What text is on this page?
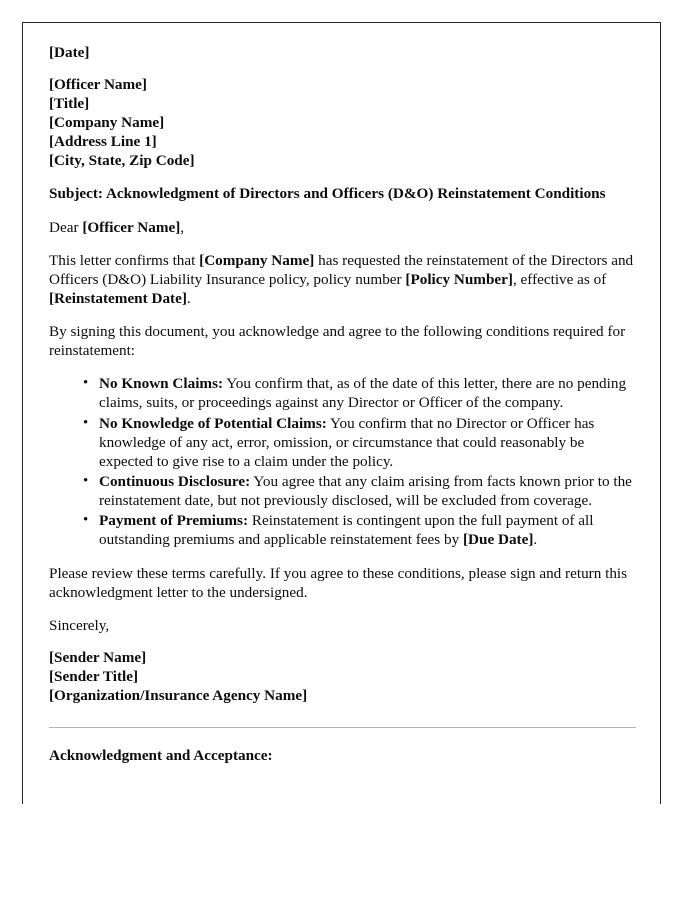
[Date]

[Officer Name]
[Title]
[Company Name]
[Address Line 1]
[City, State, Zip Code]

Subject: Acknowledgment of Directors and Officers (D&O) Reinstatement Conditions

Dear [Officer Name],

This letter confirms that [Company Name] has requested the reinstatement of the Directors and Officers (D&O) Liability Insurance policy, policy number [Policy Number], effective as of [Reinstatement Date].

By signing this document, you acknowledge and agree to the following conditions required for reinstatement:

• No Known Claims: You confirm that, as of the date of this letter, there are no pending claims, suits, or proceedings against any Director or Officer of the company.
• No Knowledge of Potential Claims: You confirm that no Director or Officer has knowledge of any act, error, omission, or circumstance that could reasonably be expected to give rise to a claim under the policy.
• Continuous Disclosure: You agree that any claim arising from facts known prior to the reinstatement date, but not previously disclosed, will be excluded from coverage.
• Payment of Premiums: Reinstatement is contingent upon the full payment of all outstanding premiums and applicable reinstatement fees by [Due Date].

Please review these terms carefully. If you agree to these conditions, please sign and return this acknowledgment letter to the undersigned.

Sincerely,

[Sender Name]
[Sender Title]
[Organization/Insurance Agency Name]

Acknowledgment and Acceptance:
